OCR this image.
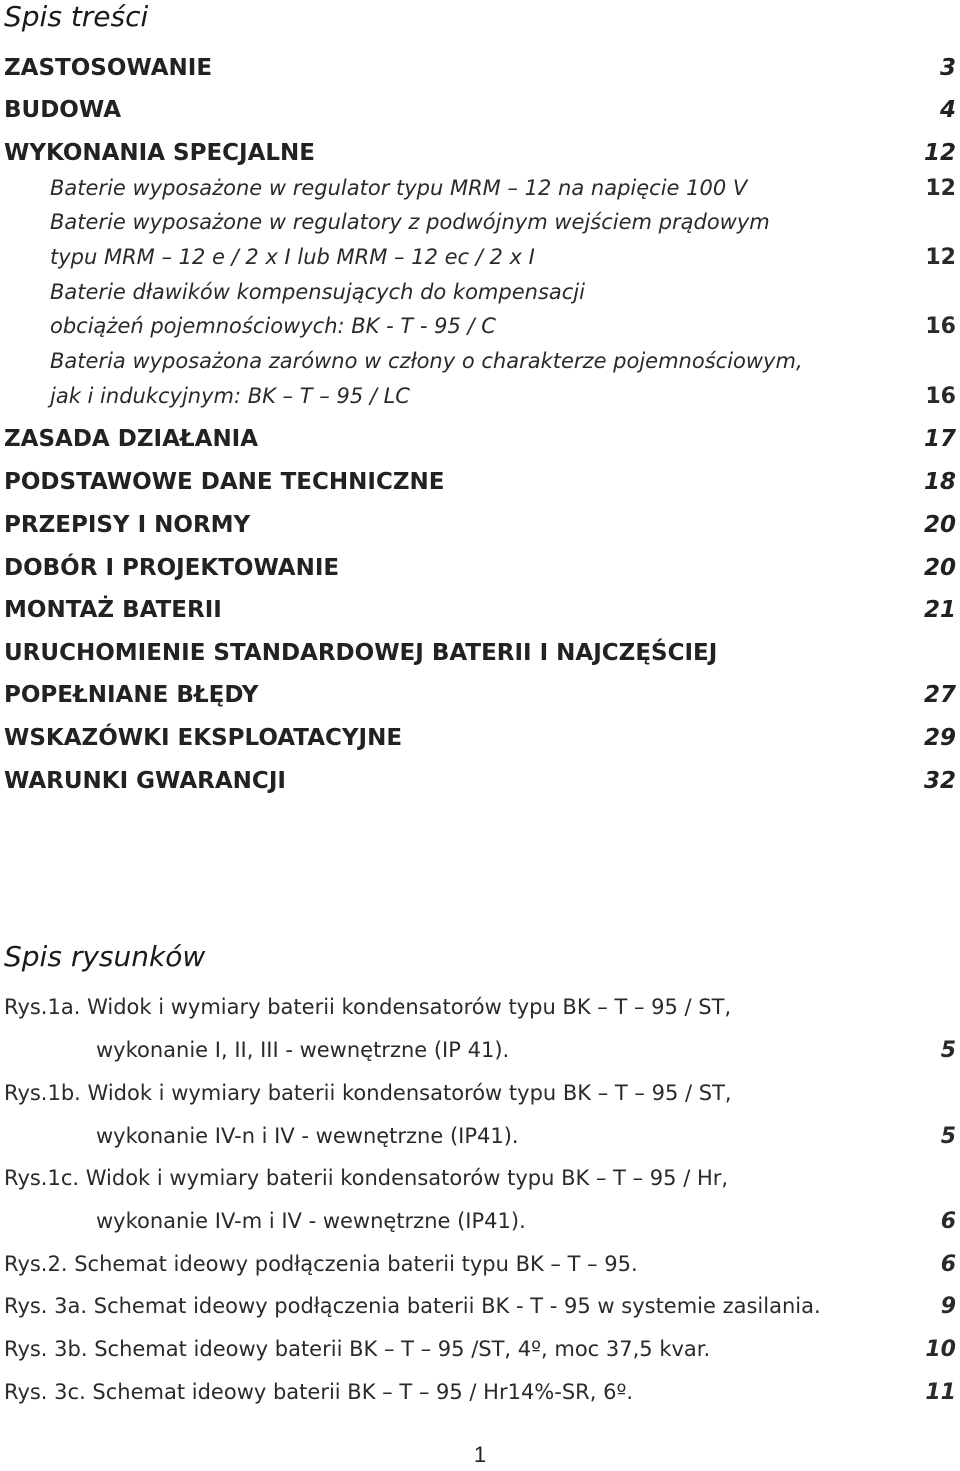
Spis treści
ZASTOSOWANIE	3
BUDOWA	4
WYKONANIA SPECJALNE	12
Baterie wyposażone w regulator typu MRM – 12 na napięcie 100 V	12
Baterie wyposażone w regulatory z podwójnym wejściem prądowym
typu MRM – 12 e / 2 x I lub MRM – 12 ec / 2 x I	12
Baterie dławików kompensujących do kompensacji
obciążeń pojemnościowych: BK - T - 95 / C	16
Bateria wyposażona zarówno w człony o charakterze pojemnościowym,
jak i indukcyjnym: BK – T – 95 / LC	16
ZASADA DZIAŁANIA	17
PODSTAWOWE DANE TECHNICZNE	18
PRZEPISY I NORMY	20
DOBÓR I PROJEKTOWANIE	20
MONTAŻ BATERII	21
URUCHOMIENIE STANDARDOWEJ BATERII I NAJCZĘŚCIEJ
POPEŁNIANE BŁĘDY	27
WSKAZÓWKI EKSPLOATACYJNE	29
WARUNKI GWARANCJI	32
Spis rysunków
Rys.1a. Widok i wymiary baterii kondensatorów typu BK – T – 95 / ST,
wykonanie I, II, III - wewnętrzne (IP 41).	5
Rys.1b. Widok i wymiary baterii kondensatorów typu BK – T – 95 / ST,
wykonanie IV-n i IV - wewnętrzne (IP41).	5
Rys.1c. Widok i wymiary baterii kondensatorów typu BK – T – 95 / Hr,
wykonanie IV-m i IV - wewnętrzne (IP41).	6
Rys.2. Schemat ideowy podłączenia baterii typu BK – T – 95.	6
Rys. 3a. Schemat ideowy podłączenia baterii BK - T - 95 w systemie zasilania.	9
Rys. 3b. Schemat ideowy baterii BK – T – 95 /ST, 4º, moc 37,5 kvar.	10
Rys. 3c. Schemat ideowy baterii BK – T – 95 / Hr14%-SR, 6º.	11
1
